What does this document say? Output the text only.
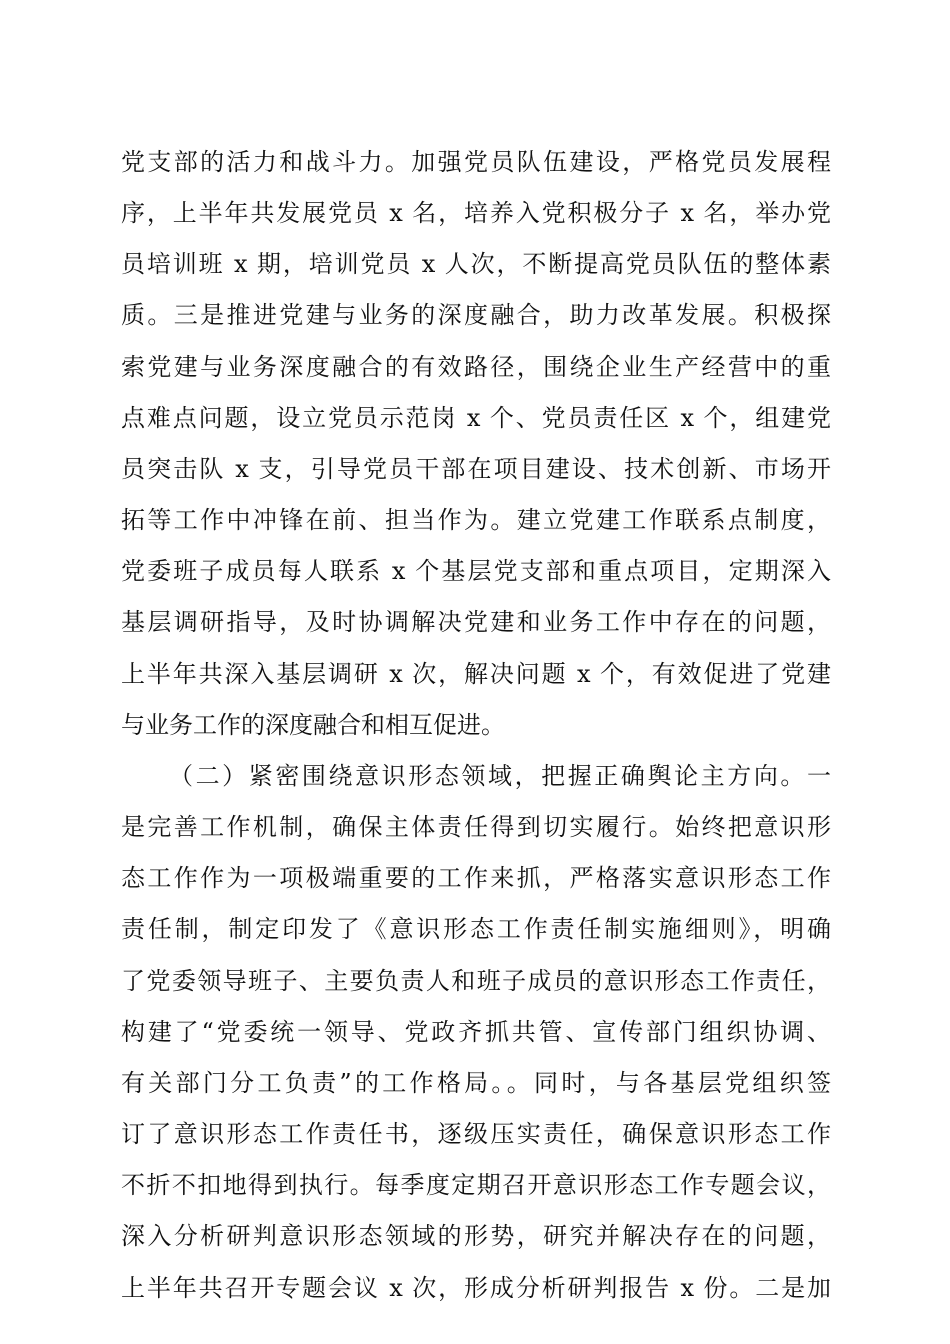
党支部的活力和战斗力。加强党员队伍建设，严格党员发展程

序，上半年共发展党员 x 名，培养入党积极分子 x 名，举办党

员培训班 x 期，培训党员 x 人次，不断提高党员队伍的整体素

质。三是推进党建与业务的深度融合，助力改革发展。积极探

索党建与业务深度融合的有效路径，围绕企业生产经营中的重

点难点问题，设立党员示范岗 x 个、党员责任区 x 个，组建党

员突击队 x 支，引导党员干部在项目建设、技术创新、市场开

拓等工作中冲锋在前、担当作为。建立党建工作联系点制度，

党委班子成员每人联系 x 个基层党支部和重点项目，定期深入

基层调研指导，及时协调解决党建和业务工作中存在的问题，

上半年共深入基层调研 x 次，解决问题 x 个，有效促进了党建

与业务工作的深度融合和相互促进。

（二）紧密围绕意识形态领域，把握正确舆论主方向。一

是完善工作机制，确保主体责任得到切实履行。始终把意识形

态工作作为一项极端重要的工作来抓，严格落实意识形态工作

责任制，制定印发了《意识形态工作责任制实施细则》，明确

了党委领导班子、主要负责人和班子成员的意识形态工作责任，

构建了“党委统一领导、党政齐抓共管、宣传部门组织协调、

有关部门分工负责”的工作格局。。同时，与各基层党组织签

订了意识形态工作责任书，逐级压实责任，确保意识形态工作

不折不扣地得到执行。每季度定期召开意识形态工作专题会议，

深入分析研判意识形态领域的形势，研究并解决存在的问题，

上半年共召开专题会议 x 次，形成分析研判报告 x 份。二是加
